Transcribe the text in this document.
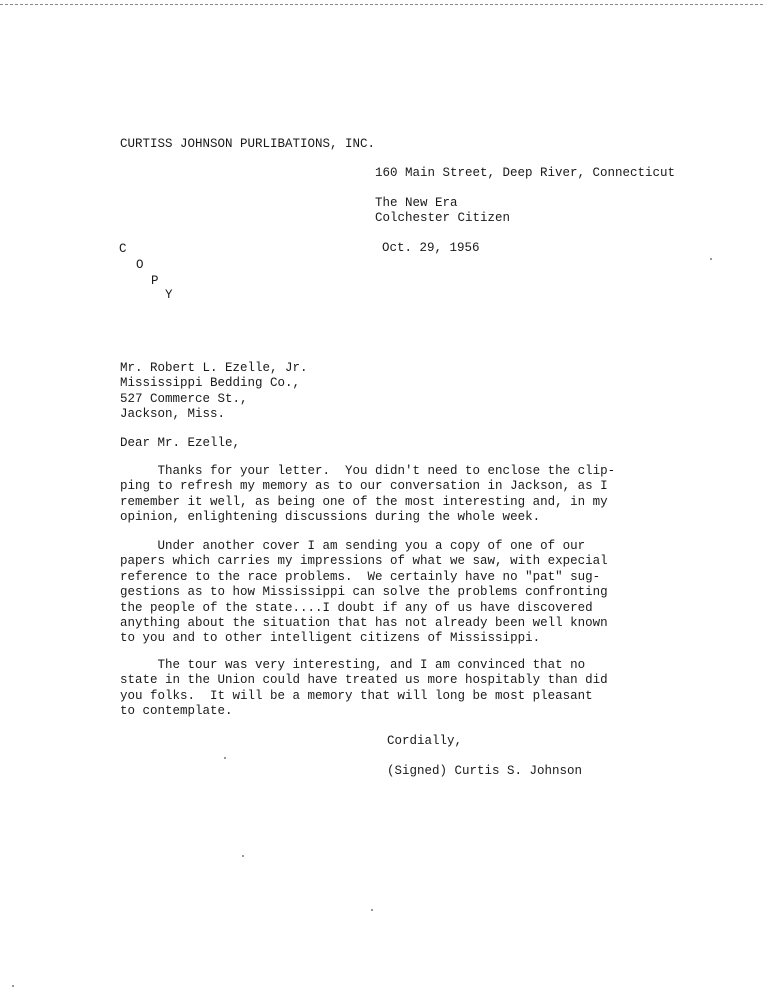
CURTISS JOHNSON PURLIBATIONS, INC.
160 Main Street, Deep River, Connecticut
The New Era
Colchester Citizen
Oct. 29, 1956
C
O
P
Y
Mr. Robert L. Ezelle, Jr.
Mississippi Bedding Co.,
527 Commerce St.,
Jackson, Miss.
Dear Mr. Ezelle,
Thanks for your letter.  You didn't need to enclose the clip-
ping to refresh my memory as to our conversation in Jackson, as I
remember it well, as being one of the most interesting and, in my
opinion, enlightening discussions during the whole week.
Under another cover I am sending you a copy of one of our
papers which carries my impressions of what we saw, with expecial
reference to the race problems.  We certainly have no "pat" sug-
gestions as to how Mississippi can solve the problems confronting
the people of the state....I doubt if any of us have discovered
anything about the situation that has not already been well known
to you and to other intelligent citizens of Mississippi.
The tour was very interesting, and I am convinced that no
state in the Union could have treated us more hospitably than did
you folks.  It will be a memory that will long be most pleasant
to contemplate.
Cordially,
(Signed) Curtis S. Johnson
